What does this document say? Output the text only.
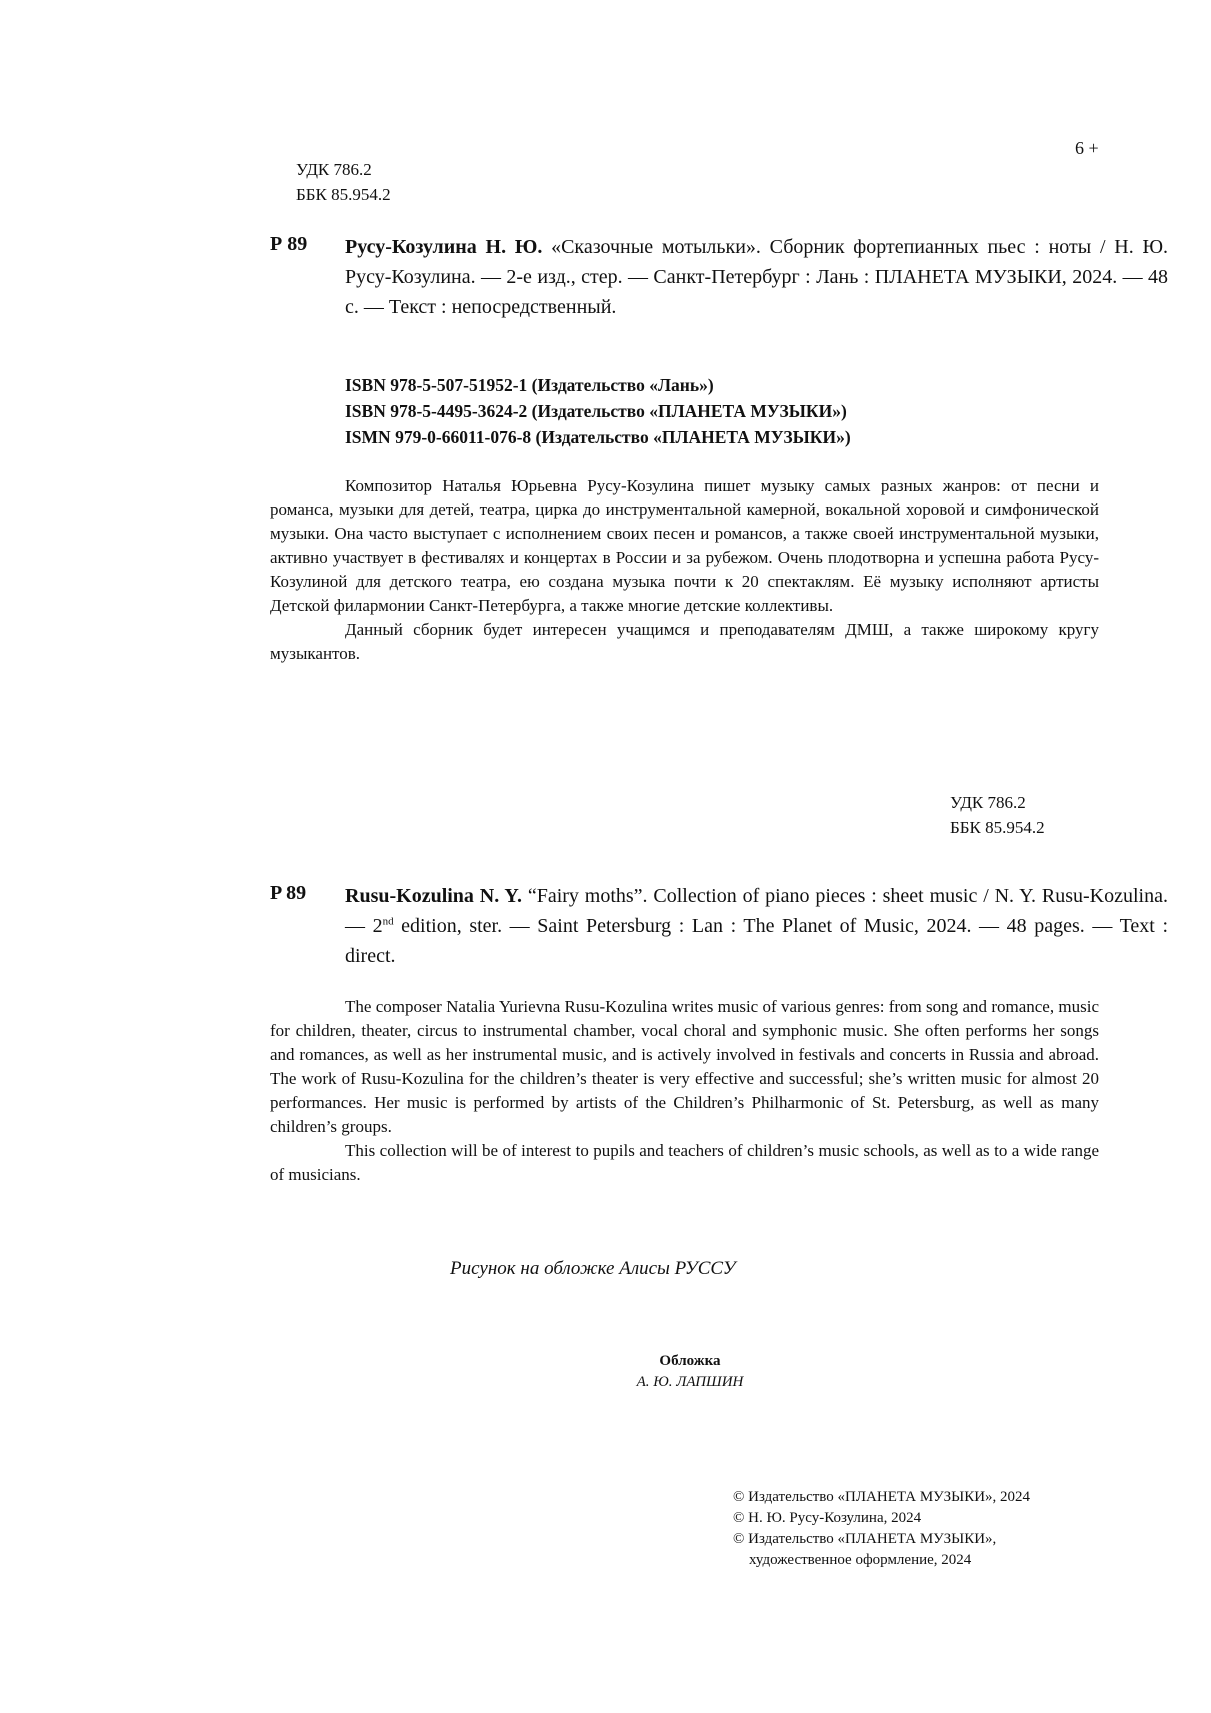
6 +
УДК 786.2
ББК 85.954.2
Р 89 Русу-Козулина Н. Ю. «Сказочные мотыльки». Сборник фортепианных пьес : ноты / Н. Ю. Русу-Козулина. — 2-е изд., стер. — Санкт-Петербург : Лань : ПЛАНЕТА МУЗЫКИ, 2024. — 48 с. — Текст : непосредственный.
ISBN 978-5-507-51952-1 (Издательство «Лань»)
ISBN 978-5-4495-3624-2 (Издательство «ПЛАНЕТА МУЗЫКИ»)
ISMN 979-0-66011-076-8 (Издательство «ПЛАНЕТА МУЗЫКИ»)

Композитор Наталья Юрьевна Русу-Козулина пишет музыку самых разных жанров: от песни и романса, музыки для детей, театра, цирка до инструментальной камерной, вокальной хоровой и симфонической музыки. Она часто выступает с исполнением своих песен и романсов, а также своей инструментальной музыки, активно участвует в фестивалях и концертах в России и за рубежом. Очень плодотворна и успешна работа Русу-Козулиной для детского театра, ею создана музыка почти к 20 спектаклям. Её музыку исполняют артисты Детской филармонии Санкт-Петербурга, а также многие детские коллективы.

Данный сборник будет интересен учащимся и преподавателям ДМШ, а также широкому кругу музыкантов.

УДК 786.2
ББК 85.954.2
P 89 Rusu-Kozulina N. Y. “Fairy moths”. Collection of piano pieces : sheet music / N. Y. Rusu-Kozulina. — 2nd edition, ster. — Saint Petersburg : Lan : The Planet of Music, 2024. — 48 pages. — Text : direct.

The composer Natalia Yurievna Rusu-Kozulina writes music of various genres: from song and romance, music for children, theater, circus to instrumental chamber, vocal choral and symphonic music. She often performs her songs and romances, as well as her instrumental music, and is actively involved in festivals and concerts in Russia and abroad. The work of Rusu-Kozulina for the children’s theater is very effective and successful; she’s written music for almost 20 performances. Her music is performed by artists of the Children’s Philharmonic of St. Petersburg, as well as many children’s groups.

This collection will be of interest to pupils and teachers of children’s music schools, as well as to a wide range of musicians.

Рисунок на обложке Алисы РУССУ
Обложка
А. Ю. ЛАПШИН
© Издательство «ПЛАНЕТА МУЗЫКИ», 2024
© Н. Ю. Русу-Козулина, 2024
© Издательство «ПЛАНЕТА МУЗЫКИ»,
художественное оформление, 2024
